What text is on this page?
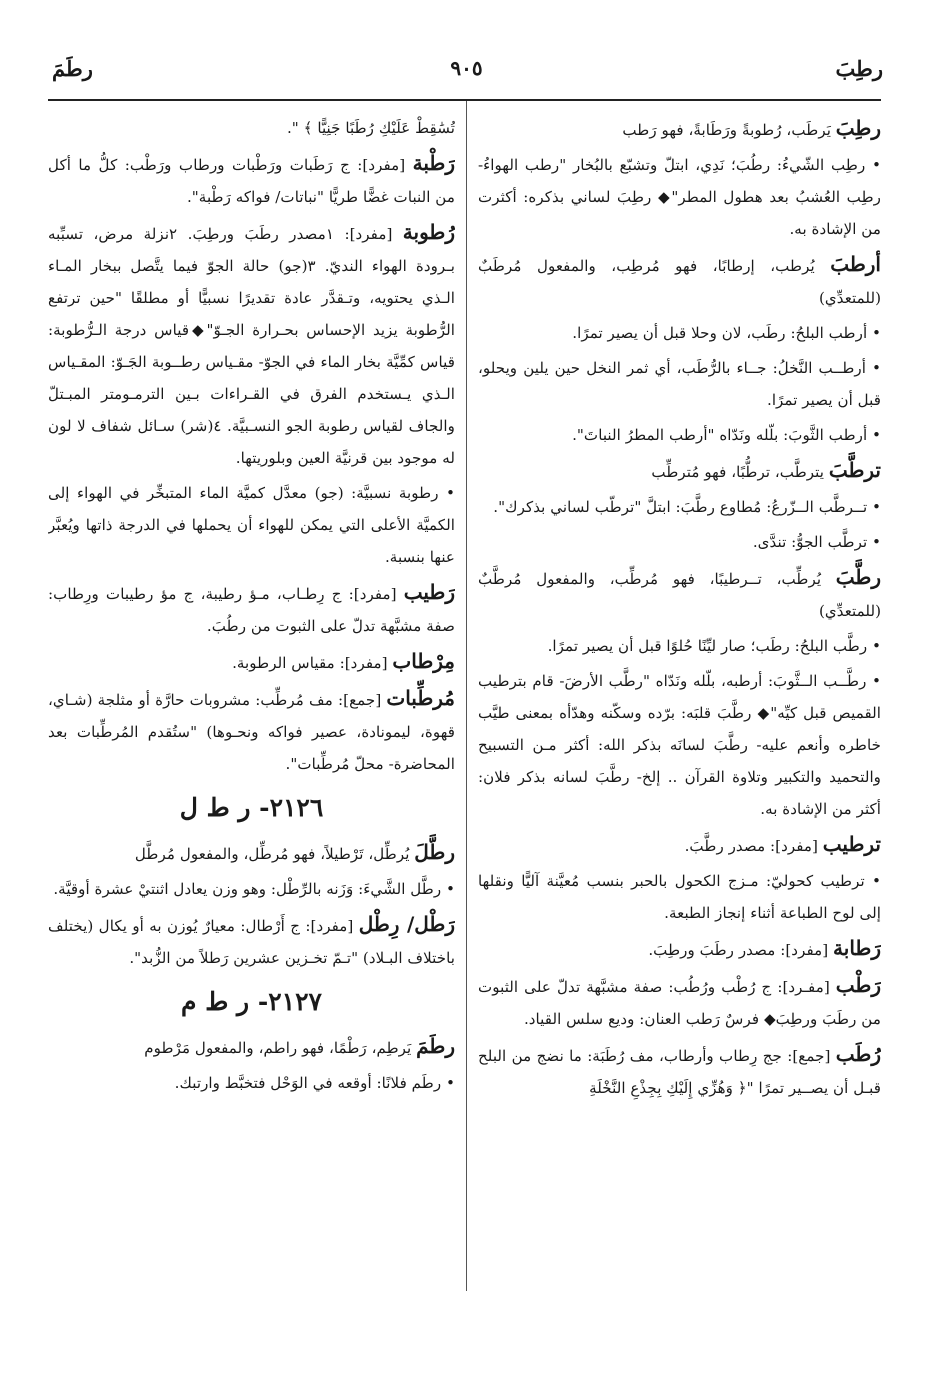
رطِبَ
٩٠٥
رطَمَ
رطِبَ يَرطَب، رُطوبةً ورَطَابةً، فهو رَطب
• رطِب الشّيءُ: رطُبَ؛ نَدِي، ابتلّ وتشبّع بالبُخار "رطب الهواءُ- رطِب العُشبُ بعد هطول المطر"◆ رطِبَ لساني بذكره: أكثرت من الإشادة به.
أرطبَ يُرطب، إرطابًا، فهو مُرطِب، والمفعول مُرطَبٌ (للمتعدِّي)
• أرطب البلحُ: رطَب، لان وحلا قبل أن يصير تمرًا.
• أرطــب النَّخلُ: جــاء بالرُّطَب، أي ثمر النخل حين يلين ويحلو، قبل أن يصير تمرًا.
• أرطب الثَّوبَ: بلّله ونَدّاه "أرطب المطرُ النباتَ".
ترطَّبَ يترطَّب، ترطُّبًا، فهو مُترطِّب
• تــرطَّب الــزّرعُ: مُطاوع رطَّبَ: ابتلَّ "ترطّب لساني بذكرك".
• ترطَّب الجوُّ: تندَّى.
رطَّبَ يُرطِّب، تــرطيبًا، فهو مُرطِّب، والمفعول مُرطَّبٌ (للمتعدِّي)
• رطَّب البلحُ: رطَب؛ صار ليِّنًا حُلوًا قبل أن يصير تمرًا.
• رطَّــب الــثَّوبَ: أرطبه، بلّله ونَدّاه "رطَّب الأرضَ- قام بترطيب القميص قبل كيِّه"◆ رطَّبَ قلبَه: برّده وسكّنه وهدّأه بمعنى طيَّب خاطره وأنعم عليه- رطَّبَ لسانَه بذكر الله: أكثر مـن التسبيح والتحميد والتكبير وتلاوة القرآن .. إلخ- رطَّبَ لسانه بذكر فلان: أكثر من الإشادة به.
ترطيب [مفرد]: مصدر رطَّبَ.
• ترطيب كحوليّ: مـزج الكحول بالحبر بنسب مُعيَّنة آليًّا ونقلها إلى لوح الطباعة أثناء إنجاز الطبعة.
رَطابة [مفرد]: مصدر رطَبَ ورطِبَ.
رَطْب [مفـرد]: ج رُطْب ورُطُب: صفة مشبَّهة تدلّ على الثبوت من رطَبَ ورطِبَ◆ فرسٌ رَطب العنان: وديع سلس القياد.
رُطَب [جمع]: جج رِطاب وأرطاب، مف رُطَبَة: ما نضج من البلح قبـل أن يصــير تمرًا "﴿ وَهُزِّي إِلَيْكِ بِجِذْعِ النَّخْلَةِ
تُسَٰقِطْ عَلَيْكِ رُطَبًا جَنِيًّا ﴾ ".
رَطْبة [مفرد]: ج رَطَبات ورَطْبات ورطاب ورَطْب: كلُّ ما أكل من النبات غضًّا طريًّا "نباتات/ فواكه رَطْبة".
رُطوبة [مفرد]: ١مصدر رطَبَ ورطِبَ. ٢نزلة مرض، تسبِّبه بـرودة الهواء النديّ. ٣(جو) حالة الجوّ فيما يتَّصل ببخار المـاء الـذي يحتويه، وتـقدَّر عادة تقديرًا نسبيًّا أو مطلقًا "حين ترتفع الرُّطوبة يزيد الإحساس بحـرارة الجـوّ"◆قياس درجة الـرُّطوبة: قياس كمِّيَّة بخار الماء في الجوّ- مقـياس رطــوبة الجَـوّ: المقـياس الـذي يـستخدم الفرق في القـراءات بـين الترمـومتر المبـتلّ والجاف لقياس رطوبة الجو النسـبيَّة. ٤(شر) سـائل شفاف لا لون له موجود بين قرنيَّة العين وبلوريتها.
• رطوبة نسبيَّة: (جو) معدَّل كميَّة الماء المتبخِّر في الهواء إلى الكميَّة الأعلى التي يمكن للهواء أن يحملها في الدرجة ذاتها ويُعبَّر عنها بنسبة.
رَطيب [مفرد]: ج رِطـاب، مـؤ رطيبة، ج مؤ رطيبات ورِطاب: صفة مشبَّهة تدلّ على الثبوت من رطُبَ.
مِرْطاب [مفرد]: مقياس الرطوبة.
مُرطِّبات [جمع]: مف مُرطِّب: مشروبات حارَّة أو مثلجة (شـاي، قهوة، ليمونادة، عصير فواكه ونحـوها) "ستُقدم المُرطِّبات بعد المحاضرة- محلّ مُرطِّبات".
٢١٢٦- ر ط ل
رطَّلَ يُرطِّل، تَرْطيلاً، فهو مُرطِّل، والمفعول مُرطَّل
• رطَّل الشَّيءَ: وَزَنه بالرِّطْل: وهو وزن يعادل اثنتيْ عشرة أوقيَّة.
رَطْل/ رِطْل [مفرد]: ج أَرْطال: معيارٌ يُوزن به أو يكال (يختلف باختلاف البـلاد) "تـمّ تخـزين عشرين رَطلاً من الزُّبد".
٢١٢٧- ر ط م
رطَمَ يَرطِم، رَطْمًا، فهو راطم، والمفعول مَرْطوم
• رطَم فلانًا: أوقعه في الوَحْل فتخبَّط وارتبك.
